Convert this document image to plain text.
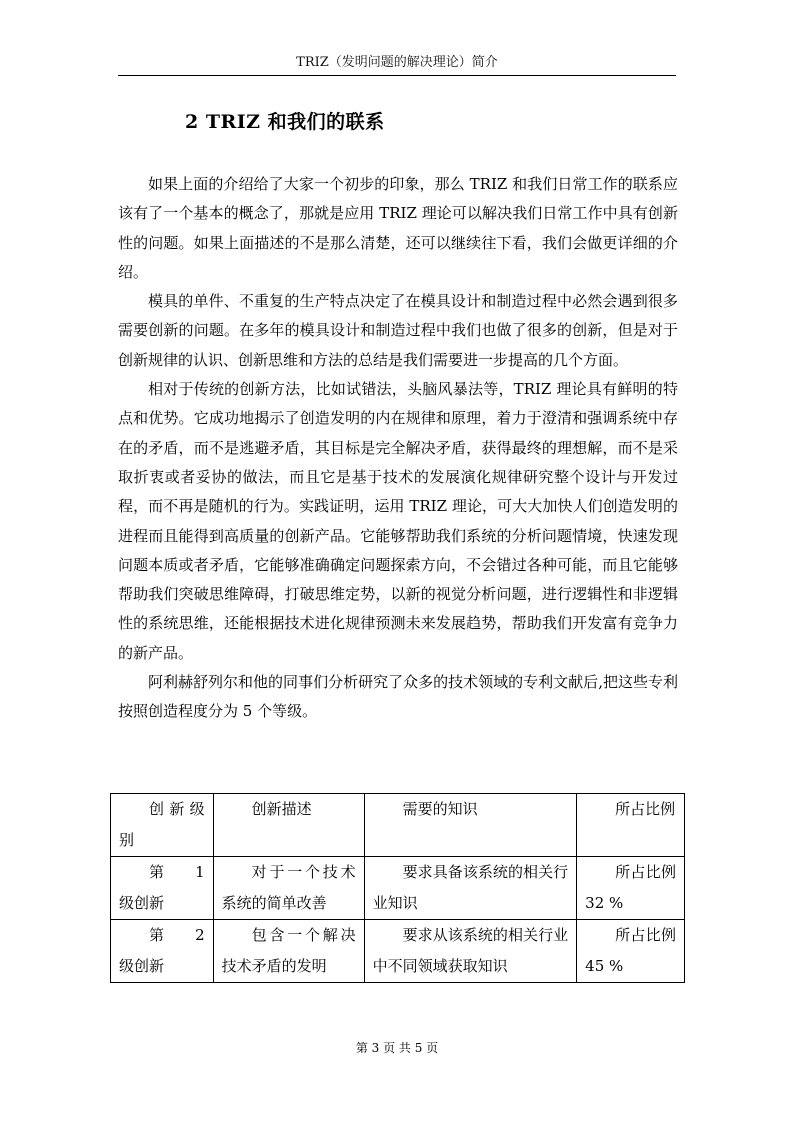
TRIZ（发明问题的解决理论）简介
2 TRIZ 和我们的联系

如果上面的介绍给了大家一个初步的印象，那么 TRIZ 和我们日常工作的联系应该有了一个基本的概念了，那就是应用 TRIZ 理论可以解决我们日常工作中具有创新性的问题。如果上面描述的不是那么清楚，还可以继续往下看，我们会做更详细的介绍。

模具的单件、不重复的生产特点决定了在模具设计和制造过程中必然会遇到很多需要创新的问题。在多年的模具设计和制造过程中我们也做了很多的创新，但是对于创新规律的认识、创新思维和方法的总结是我们需要进一步提高的几个方面。

相对于传统的创新方法，比如试错法，头脑风暴法等，TRIZ 理论具有鲜明的特点和优势。它成功地揭示了创造发明的内在规律和原理，着力于澄清和强调系统中存在的矛盾，而不是逃避矛盾，其目标是完全解决矛盾，获得最终的理想解，而不是采取折衷或者妥协的做法，而且它是基于技术的发展演化规律研究整个设计与开发过程，而不再是随机的行为。实践证明，运用 TRIZ 理论，可大大加快人们创造发明的进程而且能得到高质量的创新产品。它能够帮助我们系统的分析问题情境，快速发现问题本质或者矛盾，它能够准确确定问题探索方向，不会错过各种可能，而且它能够帮助我们突破思维障碍，打破思维定势，以新的视觉分析问题，进行逻辑性和非逻辑性的系统思维，还能根据技术进化规律预测未来发展趋势，帮助我们开发富有竞争力的新产品。

阿利赫舒列尔和他的同事们分析研究了众多的技术领域的专利文献后,把这些专利按照创造程度分为 5 个等级。

创新级别	创新描述	需要的知识	所占比例

第　1 级创新	对于一个技术系统的简单改善	要求具备该系统的相关行业知识	所占比例 32 %

第　2 级创新	包含一个解决技术矛盾的发明	要求从该系统的相关行业中不同领域获取知识	所占比例 45 %
第 3 页 共 5 页
